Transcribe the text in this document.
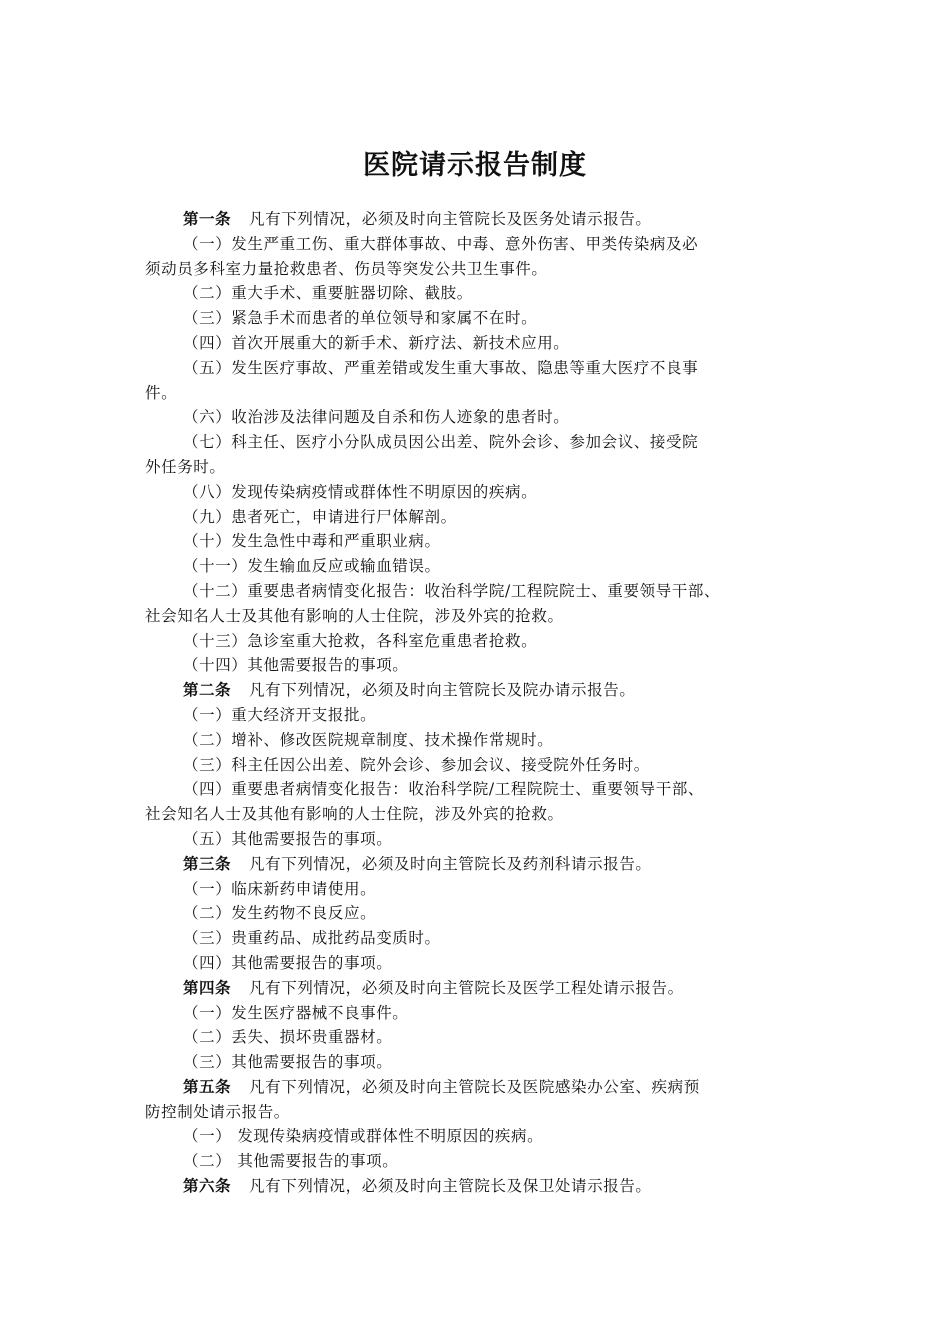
医院请示报告制度

第一条 凡有下列情况，必须及时向主管院长及医务处请示报告。

（一）发生严重工伤、重大群体事故、中毒、意外伤害、甲类传染病及必
须动员多科室力量抢救患者、伤员等突发公共卫生事件。

（二）重大手术、重要脏器切除、截肢。

（三）紧急手术而患者的单位领导和家属不在时。

（四）首次开展重大的新手术、新疗法、新技术应用。

（五）发生医疗事故、严重差错或发生重大事故、隐患等重大医疗不良事
件。

（六）收治涉及法律问题及自杀和伤人迹象的患者时。

（七）科主任、医疗小分队成员因公出差、院外会诊、参加会议、接受院
外任务时。

（八）发现传染病疫情或群体性不明原因的疾病。

（九）患者死亡，申请进行尸体解剖。

（十）发生急性中毒和严重职业病。

（十一）发生输血反应或输血错误。

（十二）重要患者病情变化报告：收治科学院/工程院院士、重要领导干部、
社会知名人士及其他有影响的人士住院，涉及外宾的抢救。

（十三）急诊室重大抢救，各科室危重患者抢救。

（十四）其他需要报告的事项。

第二条 凡有下列情况，必须及时向主管院长及院办请示报告。

（一）重大经济开支报批。

（二）增补、修改医院规章制度、技术操作常规时。

（三）科主任因公出差、院外会诊、参加会议、接受院外任务时。

（四）重要患者病情变化报告：收治科学院/工程院院士、重要领导干部、
社会知名人士及其他有影响的人士住院，涉及外宾的抢救。

（五）其他需要报告的事项。

第三条 凡有下列情况，必须及时向主管院长及药剂科请示报告。

（一）临床新药申请使用。

（二）发生药物不良反应。

（三）贵重药品、成批药品变质时。

（四）其他需要报告的事项。

第四条 凡有下列情况，必须及时向主管院长及医学工程处请示报告。

（一）发生医疗器械不良事件。

（二）丢失、损坏贵重器材。

（三）其他需要报告的事项。

第五条 凡有下列情况，必须及时向主管院长及医院感染办公室、疾病预
防控制处请示报告。

（一） 发现传染病疫情或群体性不明原因的疾病。

（二） 其他需要报告的事项。

第六条 凡有下列情况，必须及时向主管院长及保卫处请示报告。
